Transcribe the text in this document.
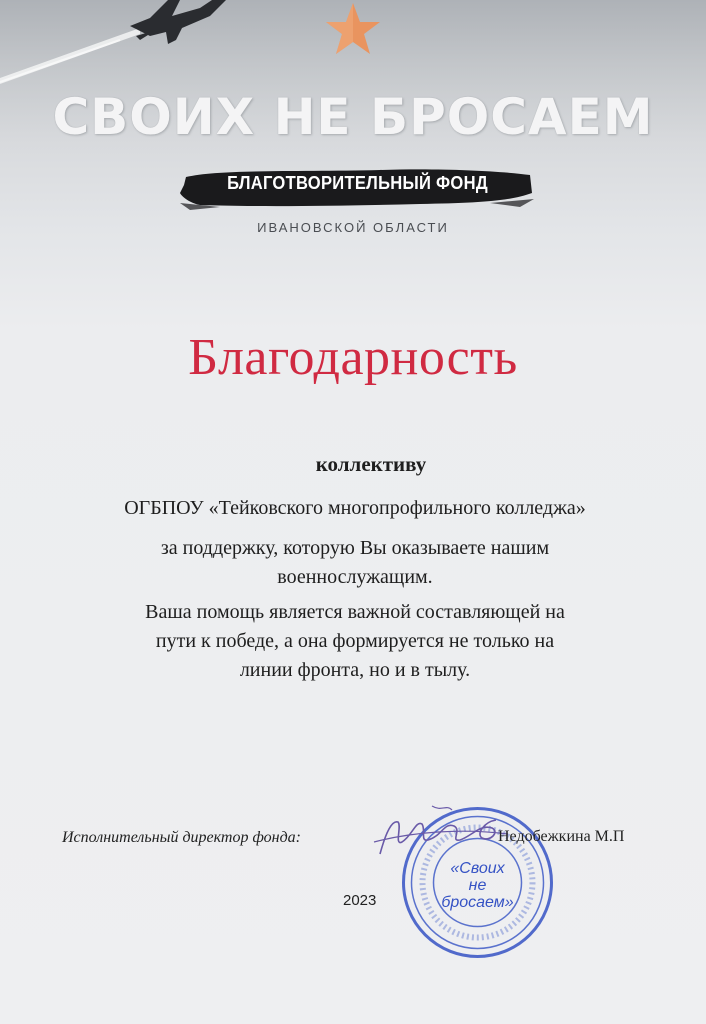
СВОИХ НЕ БРОСАЕМ
БЛАГОТВОРИТЕЛЬНЫЙ ФОНД
ИВАНОВСКОЙ ОБЛАСТИ
Благодарность
коллективу
ОГБПОУ «Тейковского многопрофильного колледжа»
за поддержку, которую Вы оказываете нашим
военнослужащим.
Ваша помощь является важной составляющей на
пути к победе, а она формируется не только на
линии фронта, но и в тылу.
Исполнительный директор фонда:
«Своих
не
бросаем»
Недобежкина М.П
2023
